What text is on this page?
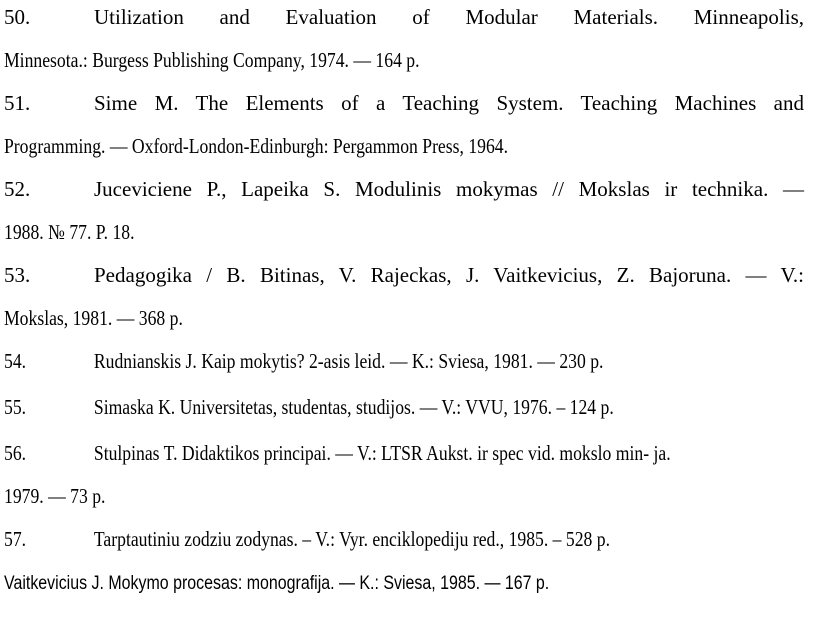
50.	Utilization and Evaluation of Modular Materials. Minneapolis,
Minnesota.: Burgess Publishing Company, 1974. — 164 p.
51.	Sime M. The Elements of a Teaching System. Teaching Machines and
Programming. — Oxford-London-Edinburgh: Pergammon Press, 1964.
52.	Juceviciene P., Lapeika S. Modulinis mokymas // Mokslas ir technika. —
1988. № 77. P. 18.
53.	Pedagogika / B. Bitinas, V. Rajeckas, J. Vaitkevicius, Z. Bajoruna. — V.:
Mokslas, 1981. — 368 p.
54.	Rudnianskis J. Kaip mokytis? 2-asis leid. — K.: Sviesa, 1981. — 230 p.
55.	Simaska K. Universitetas, studentas, studijos. — V.: VVU, 1976. – 124 p.
56.	Stulpinas T. Didaktikos principai. — V.: LTSR Aukst. ir spec vid. mokslo min- ja.
1979. — 73 p.
57.	Tarptautiniu zodziu zodynas. – V.: Vyr. enciklopediju red., 1985. – 528 p.
Vaitkevicius J. Mokymo procesas: monografija. — K.: Sviesa, 1985. — 167 p.
